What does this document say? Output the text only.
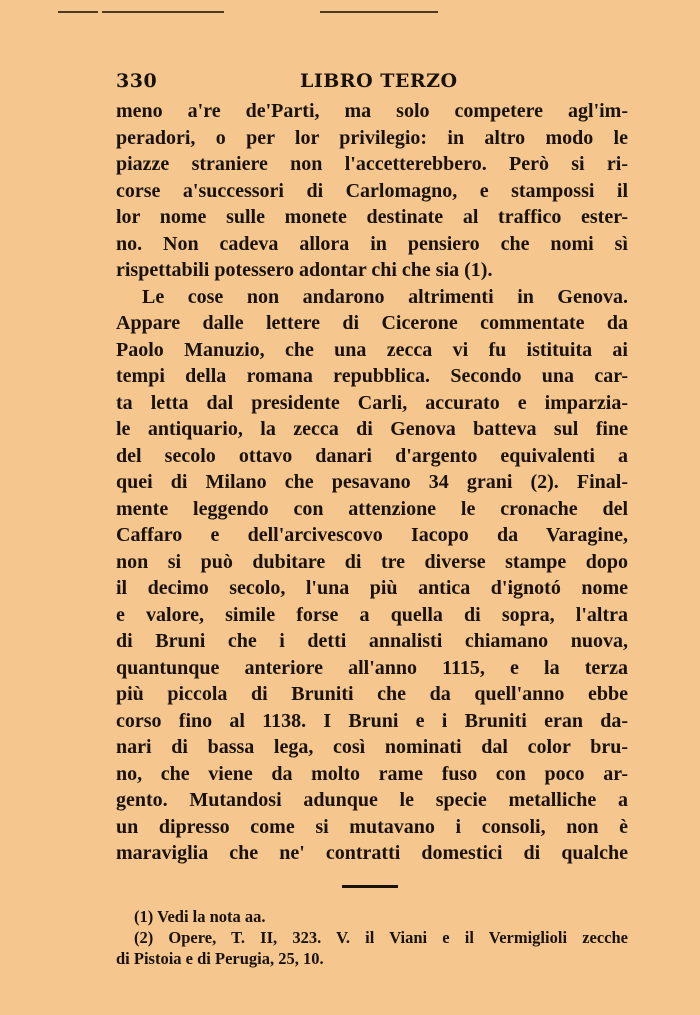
330	LIBRO TERZO
meno a're de'Parti, ma solo competere agl'im-
peradori, o per lor privilegio: in altro modo le
piazze straniere non l'accetterebbero. Però si ri-
corse a'successori di Carlomagno, e stampossi il
lor nome sulle monete destinate al traffico ester-
no. Non cadeva allora in pensiero che nomi sì
rispettabili potessero adontar chi che sia (1).
Le cose non andarono altrimenti in Genova.
Appare dalle lettere di Cicerone commentate da
Paolo Manuzio, che una zecca vi fu istituita ai
tempi della romana repubblica. Secondo una car-
ta letta dal presidente Carli, accurato e imparzia-
le antiquario, la zecca di Genova batteva sul fine
del secolo ottavo danari d'argento equivalenti a
quei di Milano che pesavano 34 grani (2). Final-
mente leggendo con attenzione le cronache del
Caffaro e dell'arcivescovo Iacopo da Varagine,
non si può dubitare di tre diverse stampe dopo
il decimo secolo, l'una più antica d'ignotó nome
e valore, simile forse a quella di sopra, l'altra
di Bruni che i detti annalisti chiamano nuova,
quantunque anteriore all'anno 1115, e la terza
più piccola di Bruniti che da quell'anno ebbe
corso fino al 1138. I Bruni e i Bruniti eran da-
nari di bassa lega, così nominati dal color bru-
no, che viene da molto rame fuso con poco ar-
gento. Mutandosi adunque le specie metalliche a
un dipresso come si mutavano i consoli, non è
maraviglia che ne' contratti domestici di qualche
(1) Vedi la nota aa.
(2) Opere, T. II, 323. V. il Viani e il Vermiglioli zecche
di Pistoia e di Perugia, 25, 10.
